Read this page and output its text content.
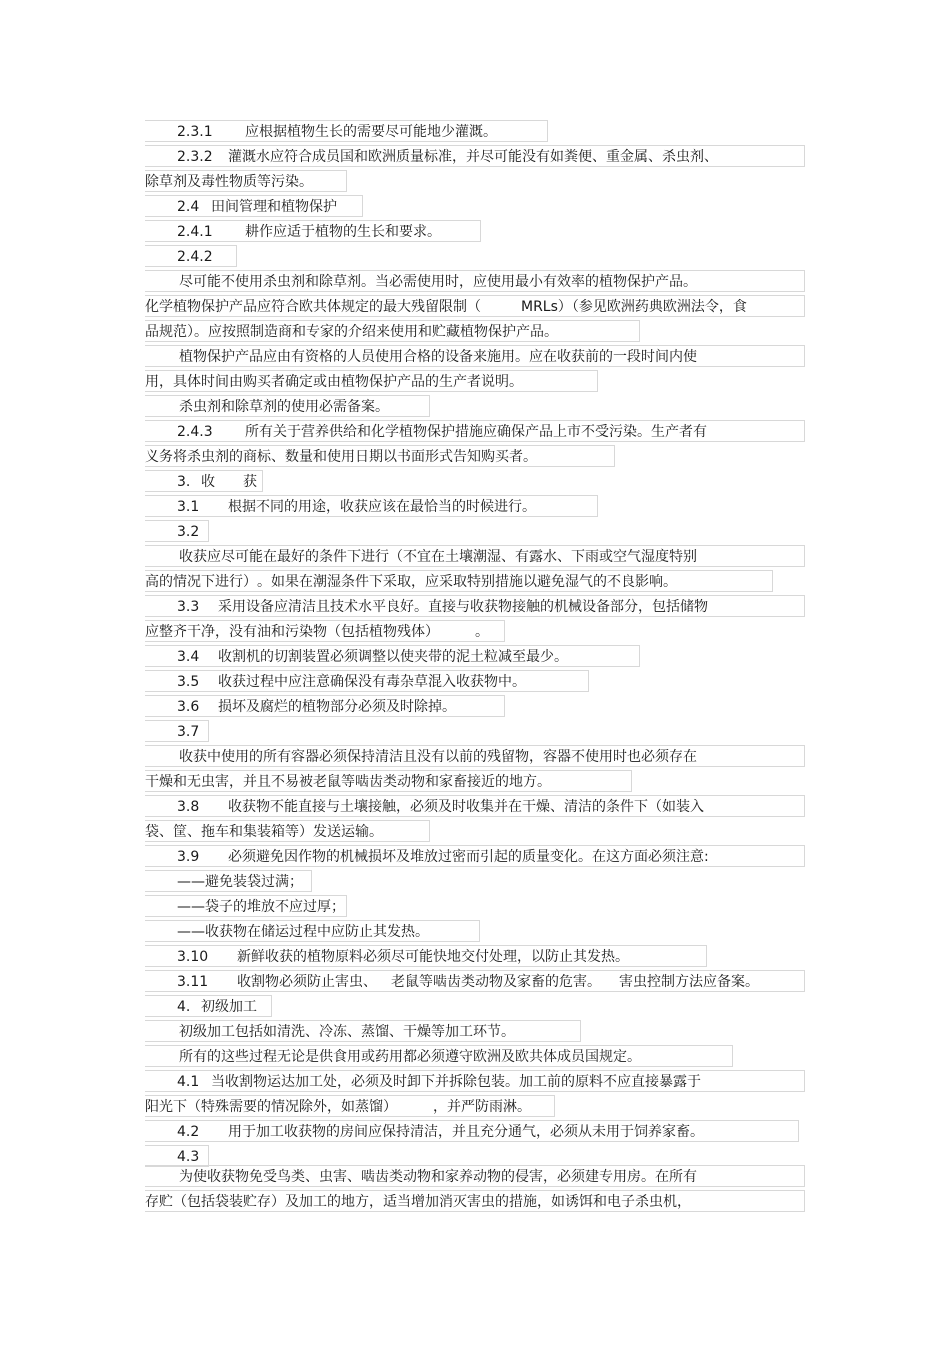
2.3.1 应根据植物生长的需要尽可能地少灌溉。
2.3.2 灌溉水应符合成员国和欧洲质量标准，并尽可能没有如粪便、重金属、杀虫剂、
除草剂及毒性物质等污染。
2.4 田间管理和植物保护
2.4.1 耕作应适于植物的生长和要求。
2.4.2
尽可能不使用杀虫剂和除草剂。当必需使用时，应使用最小有效率的植物保护产品。
化学植物保护产品应符合欧共体规定的最大残留限制（	MRLs）（参见欧洲药典欧洲法令，食
品规范）。应按照制造商和专家的介绍来使用和贮藏植物保护产品。
植物保护产品应由有资格的人员使用合格的设备来施用。应在收获前的一段时间内使
用，具体时间由购买者确定或由植物保护产品的生产者说明。
杀虫剂和除草剂的使用必需备案。
2.4.3 所有关于营养供给和化学植物保护措施应确保产品上市不受污染。生产者有
义务将杀虫剂的商标、数量和使用日期以书面形式告知购买者。
3. 收　　获
3.1 根据不同的用途，收获应该在最恰当的时候进行。
3.2
收获应尽可能在最好的条件下进行（不宜在土壤潮湿、有露水、下雨或空气湿度特别
高的情况下进行）。如果在潮湿条件下采取，应采取特别措施以避免湿气的不良影响。
3.3 采用设备应清洁且技术水平良好。直接与收获物接触的机械设备部分，包括储物
应整齐干净，没有油和污染物（包括植物残体）	。
3.4 收割机的切割装置必须调整以使夹带的泥土粒减至最少。
3.5 收获过程中应注意确保没有毒杂草混入收获物中。
3.6 损坏及腐烂的植物部分必须及时除掉。
3.7
收获中使用的所有容器必须保持清洁且没有以前的残留物，容器不使用时也必须存在
干燥和无虫害，并且不易被老鼠等啮齿类动物和家畜接近的地方。
3.8 收获物不能直接与土壤接触，必须及时收集并在干燥、清洁的条件下（如装入
袋、筐、拖车和集装箱等）发送运输。
3.9 必须避免因作物的机械损坏及堆放过密而引起的质量变化。在这方面必须注意:
——避免装袋过满；
——袋子的堆放不应过厚；
——收获物在储运过程中应防止其发热。
3.10 新鲜收获的植物原料必须尽可能快地交付处理，以防止其发热。
3.11 收割物必须防止害虫、 老鼠等啮齿类动物及家畜的危害。 害虫控制方法应备案。
4. 初级加工
初级加工包括如清洗、冷冻、蒸馏、干燥等加工环节。
所有的这些过程无论是供食用或药用都必须遵守欧洲及欧共体成员国规定。
4.1 当收割物运达加工处，必须及时卸下并拆除包装。加工前的原料不应直接暴露于
阳光下（特殊需要的情况除外，如蒸馏）	，并严防雨淋。
4.2 用于加工收获物的房间应保持清洁，并且充分通气，必须从未用于饲养家畜。
4.3
为使收获物免受鸟类、虫害、啮齿类动物和家养动物的侵害，必须建专用房。在所有
存贮（包括袋装贮存）及加工的地方，适当增加消灭害虫的措施，如诱饵和电子杀虫机，
